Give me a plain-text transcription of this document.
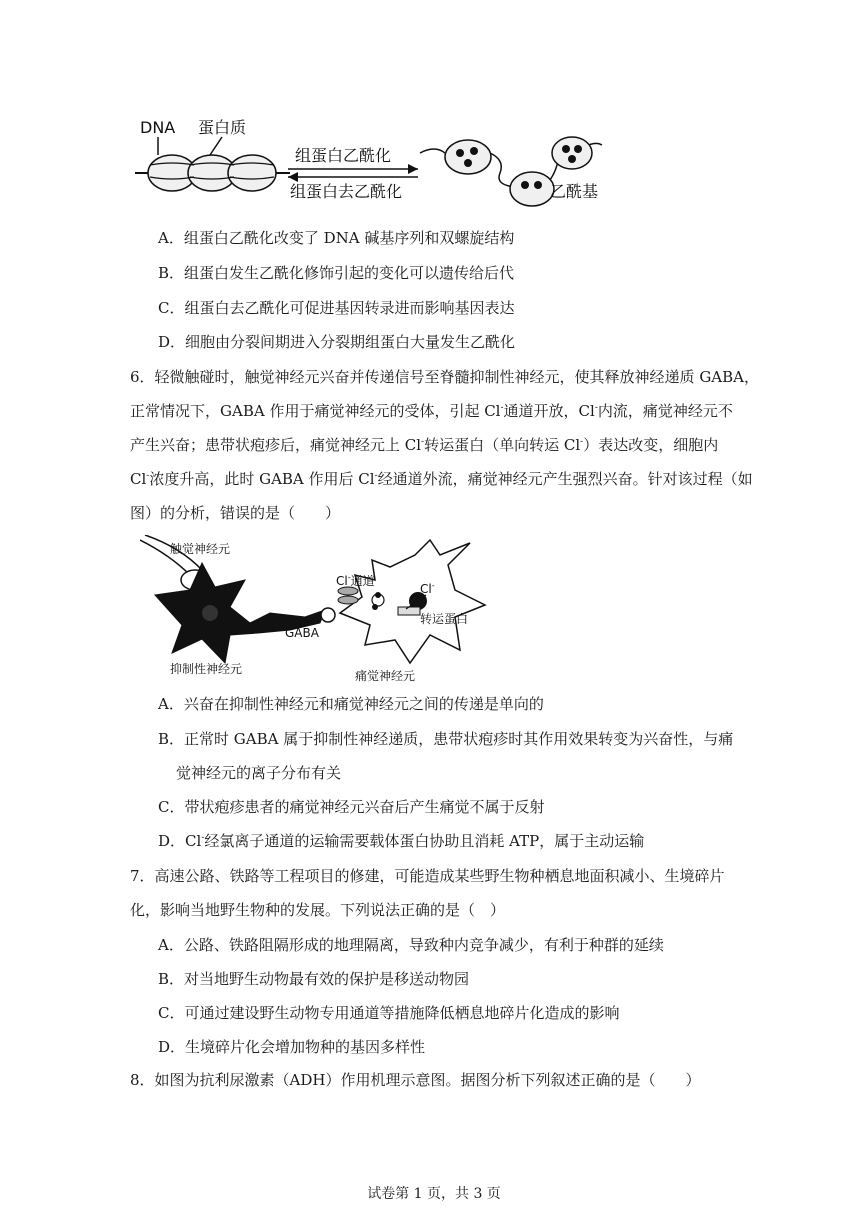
DNA 蛋白质
组蛋白乙酰化
组蛋白去乙酰化	乙酰基
A．组蛋白乙酰化改变了 DNA 碱基序列和双螺旋结构
B．组蛋白发生乙酰化修饰引起的变化可以遗传给后代
C．组蛋白去乙酰化可促进基因转录进而影响基因表达
D．细胞由分裂间期进入分裂期组蛋白大量发生乙酰化
6．轻微触碰时，触觉神经元兴奋并传递信号至脊髓抑制性神经元，使其释放神经递质 GABA，
正常情况下，GABA 作用于痛觉神经元的受体，引起 Cl-通道开放，Cl-内流，痛觉神经元不
产生兴奋；患带状疱疹后，痛觉神经元上 Cl-转运蛋白（单向转运 Cl-）表达改变，细胞内
Cl-浓度升高，此时 GABA 作用后 Cl-经通道外流，痛觉神经元产生强烈兴奋。针对该过程（如
图）的分析，错误的是（　　）
触觉神经元
GABA
抑制性神经元
Cl-通道
Cl-
转运蛋白
痛觉神经元
A．兴奋在抑制性神经元和痛觉神经元之间的传递是单向的
B．正常时 GABA 属于抑制性神经递质，患带状疱疹时其作用效果转变为兴奋性，与痛
觉神经元的离子分布有关
C．带状疱疹患者的痛觉神经元兴奋后产生痛觉不属于反射
D．Cl-经氯离子通道的运输需要载体蛋白协助且消耗 ATP，属于主动运输
7．高速公路、铁路等工程项目的修建，可能造成某些野生物种栖息地面积减小、生境碎片
化，影响当地野生物种的发展。下列说法正确的是（　）
A．公路、铁路阻隔形成的地理隔离，导致种内竞争减少，有利于种群的延续
B．对当地野生动物最有效的保护是移送动物园
C．可通过建设野生动物专用通道等措施降低栖息地碎片化造成的影响
D．生境碎片化会增加物种的基因多样性
8．如图为抗利尿激素（ADH）作用机理示意图。据图分析下列叙述正确的是（　　）
试卷第 1 页，共 3 页
